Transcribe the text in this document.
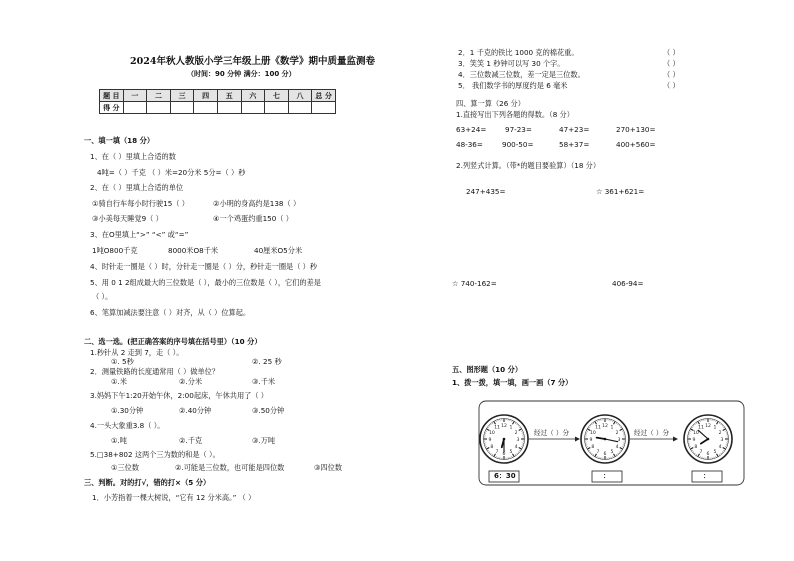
2024年秋人教版小学三年级上册《数学》期中质量监测卷
（时间：90 分钟 满分：100 分）
题 目	一	二	三	四	五	六	七	八	总 分
得 分									
一、填一填（18 分）
1、在（ ）里填上合适的数
4吨=（ ）千克 （ ）米=20分米 5分=（ ）秒
2、在（ ）里填上合适的单位
①骑自行车每小时行驶15（ ）	②小明的身高约是138（ ）
③小美每天睡觉9（ ）	④一个鸡蛋约重150（ ）
3、在O里填上“>” “<” 或“=”
1吨O800千克	8000米O8千米	40厘米O5分米
4、时针走一圈是（ ）时，分针走一圈是（ ）分，秒针走一圈是（ ）秒
5、用 0 1 2组成最大的三位数是（ ），最小的三位数是（ ），它们的差是
（ ）。
6、笔算加减法要注意（ ）对齐，从（ ）位算起。
二、选一选。(把正确答案的序号填在括号里）（10 分）
1.秒针从 2 走到 7，走（ ）。
①. 5秒	②. 25 秒
2．测量铁路的长度通常用（ ）做单位？
①.米	②.分米	③.千米
3.妈妈下午1:20开始午休，2:00起床，午休共用了（ ）
①.30分钟	②.40分钟	③.50分钟
4.一头大象重3.8（ ）。
①.吨	②.千克	③.万吨
5.□38+802 这两个三为数的和是（ ）。
①三位数	②.可能是三位数，也可能是四位数	③四位数
三、判断。对的打√，错的打×（5 分）
1．小芳指着一棵大树说，“它有 12 分米高。” （ ）
2．1 千克的铁比 1000 克的棉花重。
3．笑笑 1 秒钟可以写 30 个字。
4．三位数减三位数，差一定是三位数。
5． 我们数学书的厚度约是 6 毫米
（ ）
（ ）
（ ）
（ ）
四、算一算（26 分）
1.直接写出下列各题的得数。（8 分）
63+24=	97-23=	47+23=	270+130=
48-36=	900-50=	58+37=	400+560=
2.列竖式计算。（带*的题目要验算）（18 分）
247+435=	☆ 361+621=
☆ 740-162=	406-94=
五、图形题（10 分）
1、拨一拨，填一填，画一画（7 分）
1
2
3
4
5
6
7
8
9
10
11 12	1
2
3
4
5
6
7
8
9
10
11 12	1
2
3
4
5
6
7
8
9
10
11 12
经过（ ）分	经过（ ）分
6：30	：	：
